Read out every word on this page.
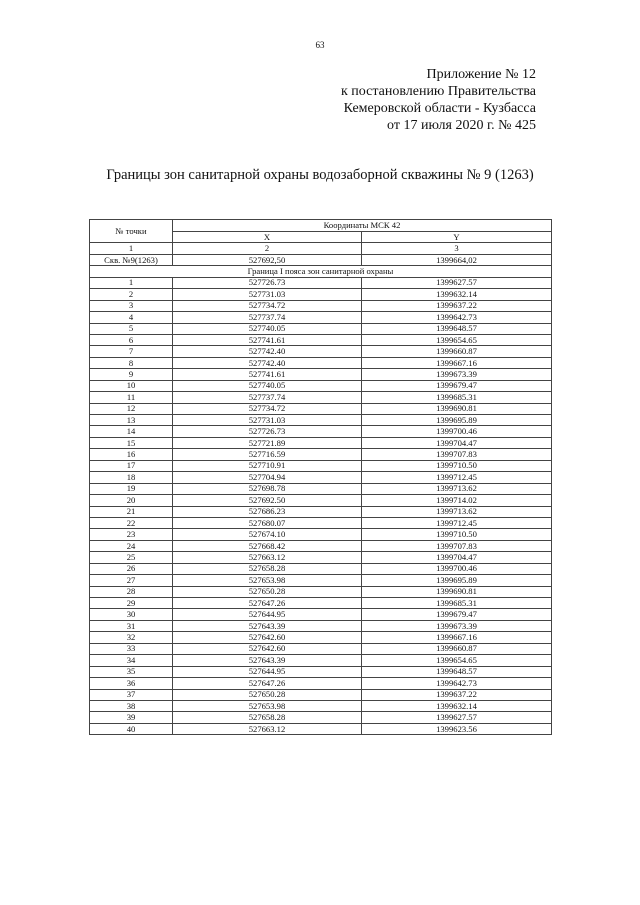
63
Приложение № 12
к постановлению Правительства
Кемеровской области - Кузбасса
от 17 июля 2020 г. № 425
Границы зон санитарной охраны водозаборной скважины № 9 (1263)
№ точки	Координаты МСК 42	
	X	Y
1	2	3
Скв. №9(1263)	527692,50	1399664,02
Граница I пояса зон санитарной охраны		
1	527726.73	1399627.57
2	527731.03	1399632.14
3	527734.72	1399637.22
4	527737.74	1399642.73
5	527740.05	1399648.57
6	527741.61	1399654.65
7	527742.40	1399660.87
8	527742.40	1399667.16
9	527741.61	1399673.39
10	527740.05	1399679.47
11	527737.74	1399685.31
12	527734.72	1399690.81
13	527731.03	1399695.89
14	527726.73	1399700.46
15	527721.89	1399704.47
16	527716.59	1399707.83
17	527710.91	1399710.50
18	527704.94	1399712.45
19	527698.78	1399713.62
20	527692.50	1399714.02
21	527686.23	1399713.62
22	527680.07	1399712.45
23	527674.10	1399710.50
24	527668.42	1399707.83
25	527663.12	1399704.47
26	527658.28	1399700.46
27	527653.98	1399695.89
28	527650.28	1399690.81
29	527647.26	1399685.31
30	527644.95	1399679.47
31	527643.39	1399673.39
32	527642.60	1399667.16
33	527642.60	1399660.87
34	527643.39	1399654.65
35	527644.95	1399648.57
36	527647.26	1399642.73
37	527650.28	1399637.22
38	527653.98	1399632.14
39	527658.28	1399627.57
40	527663.12	1399623.56
